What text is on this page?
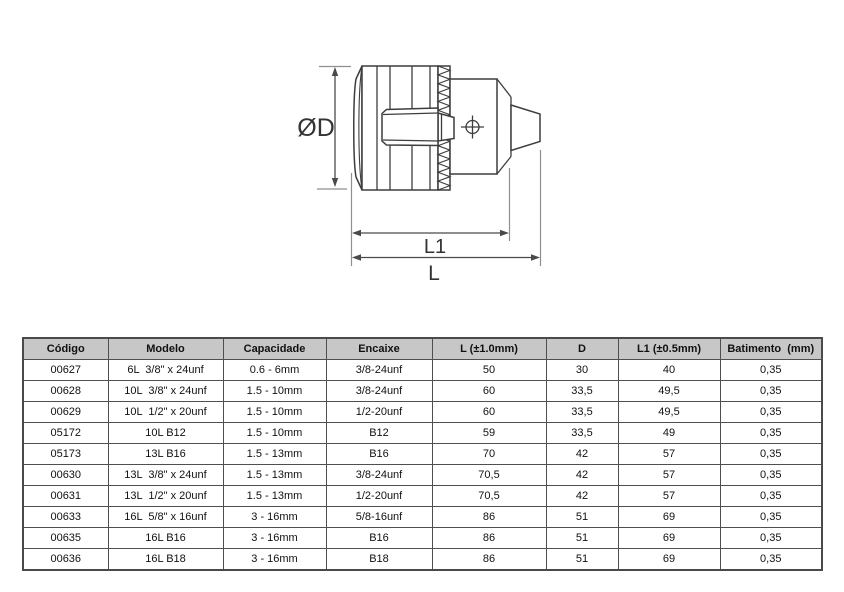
ØD
L1
L
Código	Modelo	Capacidade	Encaixe	L (±1.0mm)	D	L1 (±0.5mm)	Batimento  (mm)
00627	6L  3/8" x 24unf	0.6 - 6mm	3/8-24unf	50	30	40	0,35
00628	10L  3/8" x 24unf	1.5 - 10mm	3/8-24unf	60	33,5	49,5	0,35
00629	10L  1/2" x 20unf	1.5 - 10mm	1/2-20unf	60	33,5	49,5	0,35
05172	10L B12	1.5 - 10mm	B12	59	33,5	49	0,35
05173	13L B16	1.5 - 13mm	B16	70	42	57	0,35
00630	13L  3/8" x 24unf	1.5 - 13mm	3/8-24unf	70,5	42	57	0,35
00631	13L  1/2" x 20unf	1.5 - 13mm	1/2-20unf	70,5	42	57	0,35
00633	16L  5/8" x 16unf	3 - 16mm	5/8-16unf	86	51	69	0,35
00635	16L B16	3 - 16mm	B16	86	51	69	0,35
00636	16L B18	3 - 16mm	B18	86	51	69	0,35
